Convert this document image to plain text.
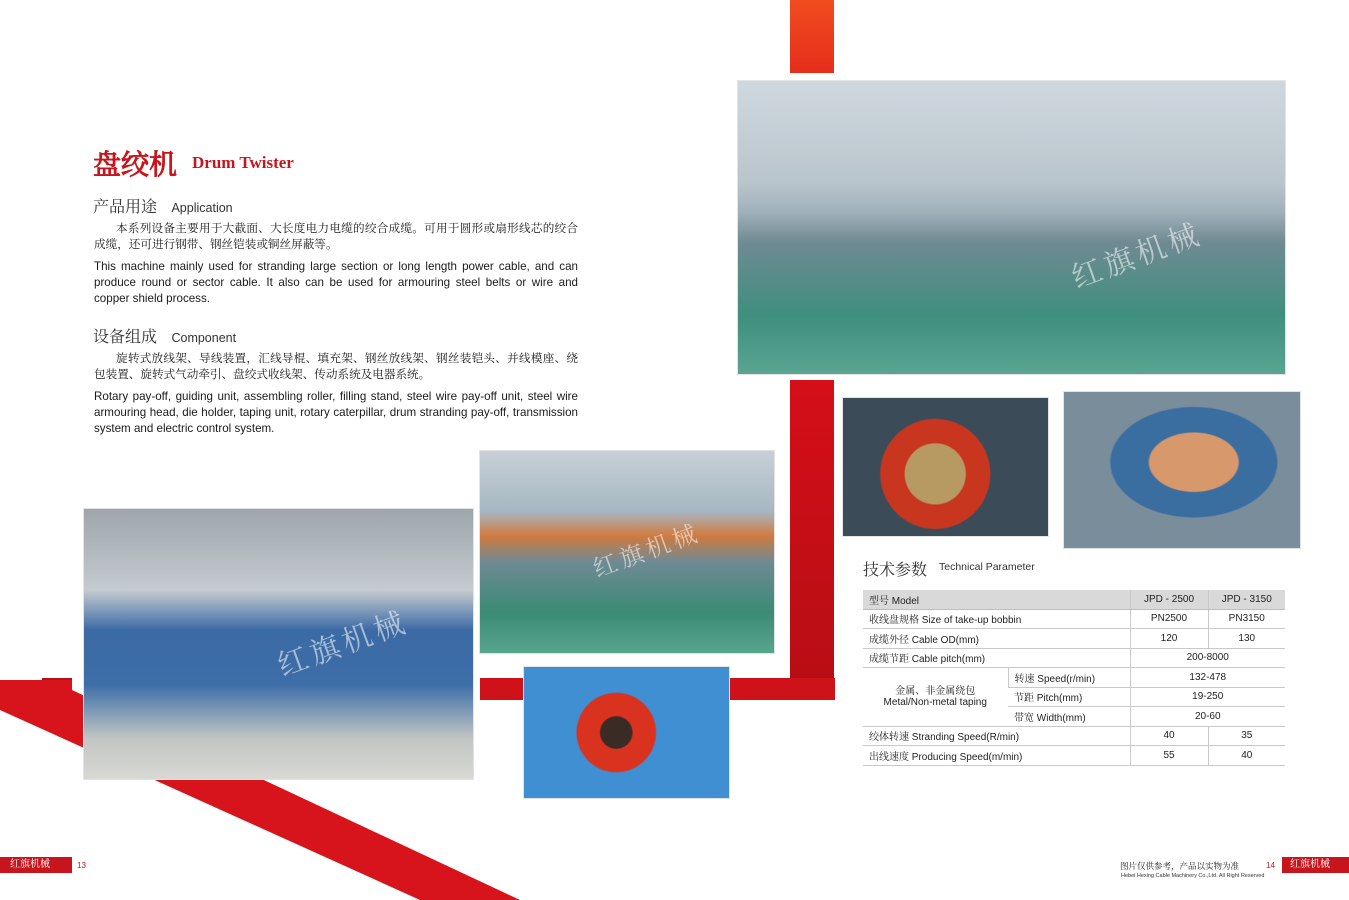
红旗机械
红旗机械
红旗机械
盘绞机 Drum Twister
产品用途 Application
本系列设备主要用于大截面、大长度电力电缆的绞合成缆。可用于圆形或扇形线芯的绞合成缆，还可进行钢带、钢丝铠装或铜丝屏蔽等。
This machine mainly used for stranding large section or long length power cable, and can produce round or sector cable. It also can be used for armouring steel belts or wire and copper shield process.
设备组成 Component
旋转式放线架、导线装置，汇线导棍、填充架、钢丝放线架、钢丝装铠头、并线模座、绕包装置、旋转式气动牵引、盘绞式收线架、传动系统及电器系统。
Rotary pay-off, guiding unit, assembling roller, filling stand, steel wire pay-off unit, steel wire armouring head, die holder, taping unit, rotary caterpillar, drum stranding pay-off, transmission system and electric control system.
技术参数 Technical Parameter
型号 Model		JPD - 2500	JPD - 3150
收线盘规格 Size of take-up bobbin		PN2500	PN3150
成缆外径 Cable OD(mm)		120	130
成缆节距 Cable pitch(mm)		200-8000	

金属、非金属绕包
Metal/Non-metal taping	转速 Speed(r/min)	132-478	
	节距 Pitch(mm)	19-250	
	带宽 Width(mm)	20-60	
绞体转速 Stranding Speed(R/min)		40	35
出线速度 Producing Speed(m/min)		55	40
红旗机械	13	14	红旗机械
图片仅供参考，产品以实物为准
Hebei Hexing Cable Machinery Co.,Ltd. All Right Reserved
